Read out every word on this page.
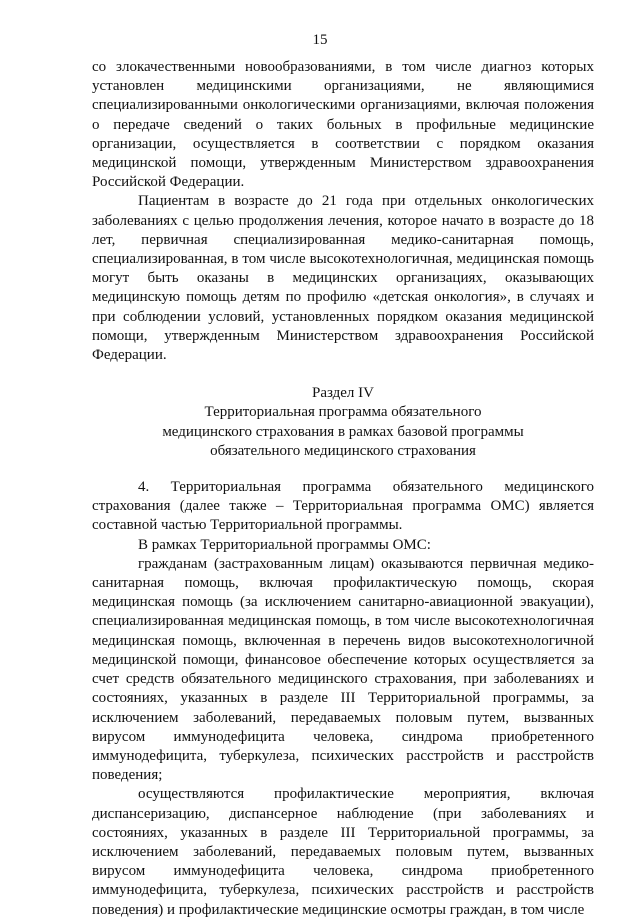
15

со злокачественными новообразованиями, в том числе диагноз которых установлен медицинскими организациями, не являющимися специализированными онкологическими организациями, включая положения о передаче сведений о таких больных в профильные медицинские организации, осуществляется в соответствии с порядком оказания медицинской помощи, утвержденным Министерством здравоохранения Российской Федерации.

Пациентам в возрасте до 21 года при отдельных онкологических заболеваниях с целью продолжения лечения, которое начато в возрасте до 18 лет, первичная специализированная медико-санитарная помощь, специализированная, в том числе высокотехнологичная, медицинская помощь могут быть оказаны в медицинских организациях, оказывающих медицинскую помощь детям по профилю «детская онкология», в случаях и при соблюдении условий, установленных порядком оказания медицинской помощи, утвержденным Министерством здравоохранения Российской Федерации.

Раздел IV

Территориальная программа обязательного

медицинского страхования в рамках базовой программы

обязательного медицинского страхования

4. Территориальная программа обязательного медицинского страхования (далее также – Территориальная программа ОМС) является составной частью Территориальной программы.

В рамках Территориальной программы ОМС:

гражданам (застрахованным лицам) оказываются первичная медико-санитарная помощь, включая профилактическую помощь, скорая медицинская помощь (за исключением санитарно-авиационной эвакуации), специализированная медицинская помощь, в том числе высокотехнологичная медицинская помощь, включенная в перечень видов высокотехнологичной медицинской помощи, финансовое обеспечение которых осуществляется за счет средств обязательного медицинского страхования, при заболеваниях и состояниях, указанных в разделе III Территориальной программы, за исключением заболеваний, передаваемых половым путем, вызванных вирусом иммунодефицита человека, синдрома приобретенного иммунодефицита, туберкулеза, психических расстройств и расстройств поведения;

осуществляются профилактические мероприятия, включая диспансеризацию, диспансерное наблюдение (при заболеваниях и состояниях, указанных в разделе III Территориальной программы, за исключением заболеваний, передаваемых половым путем, вызванных вирусом иммунодефицита человека, синдрома приобретенного иммунодефицита, туберкулеза, психических расстройств и расстройств поведения) и профилактические медицинские осмотры граждан, в том числе
